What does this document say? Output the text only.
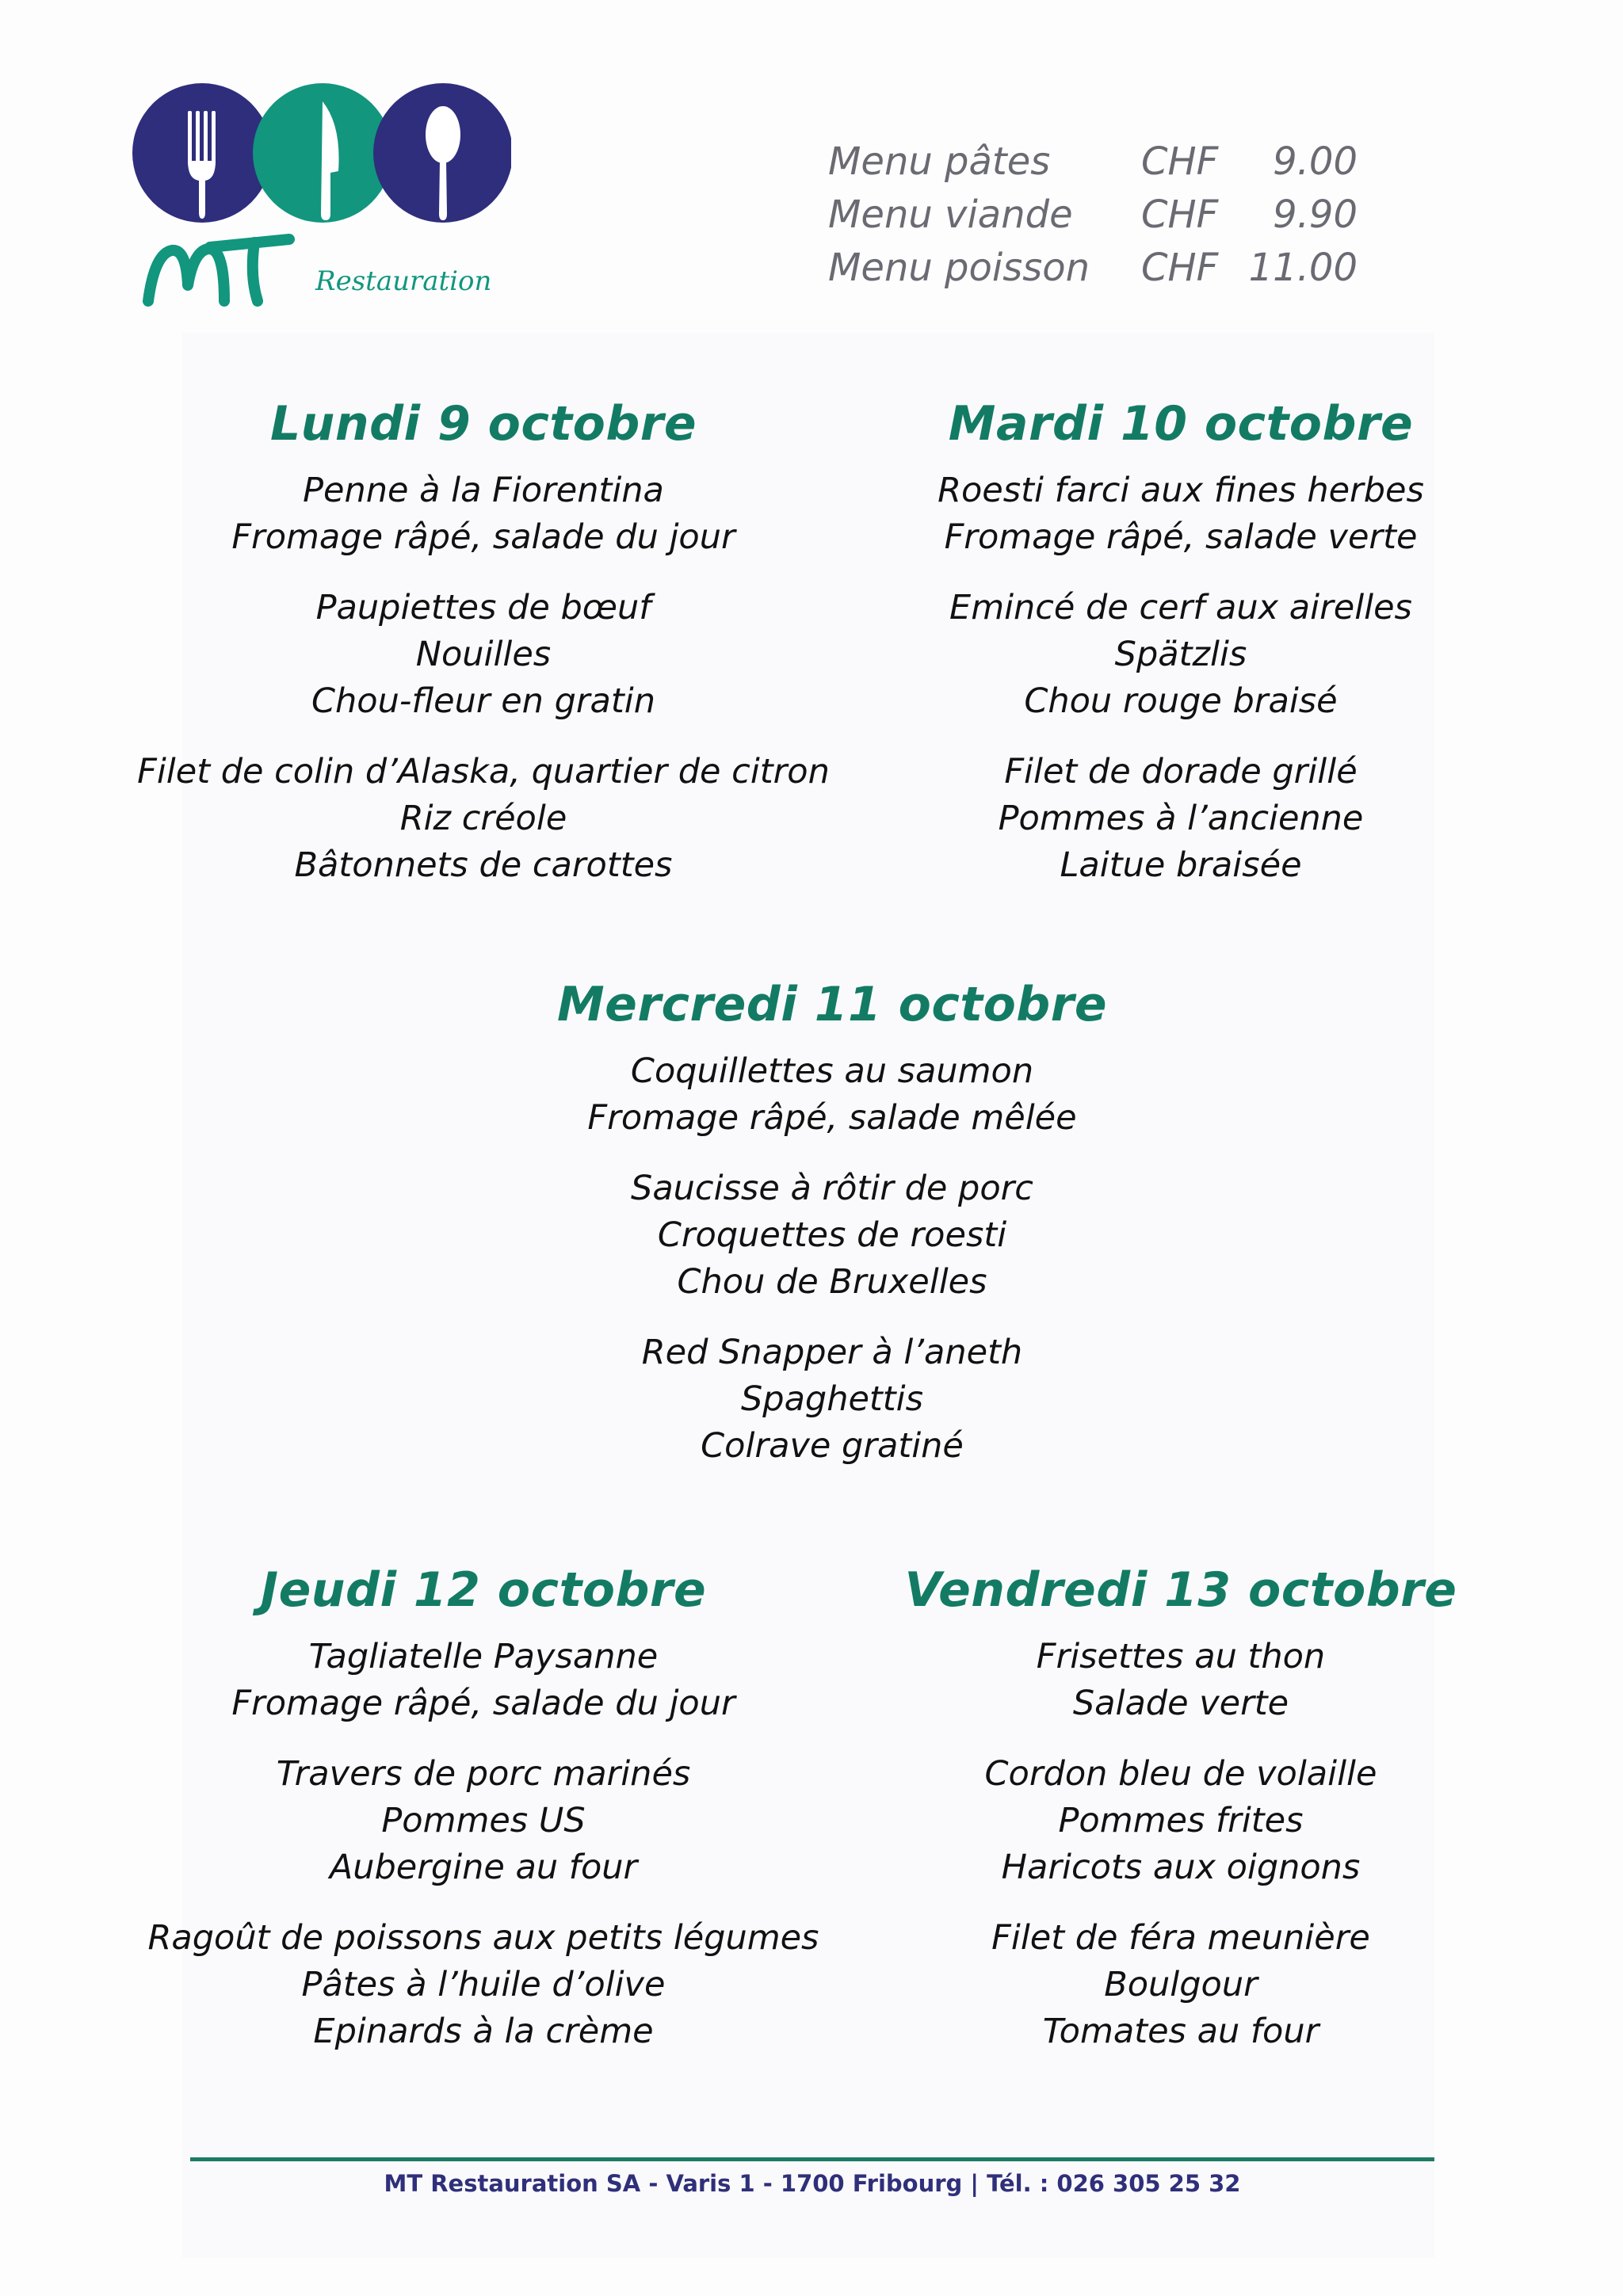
Restauration
Menu pâtes	CHF	9.00
Menu viande	CHF	9.90
Menu poisson	CHF 11.00
Lundi 9 octobre
Penne à la Fiorentina
Fromage râpé, salade du jour
Paupiettes de bœuf
Nouilles
Chou-fleur en gratin
Filet de colin d’Alaska, quartier de citron
Riz créole
Bâtonnets de carottes
Mardi 10 octobre
Roesti farci aux fines herbes
Fromage râpé, salade verte
Emincé de cerf aux airelles
Spätzlis
Chou rouge braisé
Filet de dorade grillé
Pommes à l’ancienne
Laitue braisée
Mercredi 11 octobre
Coquillettes au saumon
Fromage râpé, salade mêlée
Saucisse à rôtir de porc
Croquettes de roesti
Chou de Bruxelles
Red Snapper à l’aneth
Spaghettis
Colrave gratiné
Jeudi 12 octobre
Tagliatelle Paysanne
Fromage râpé, salade du jour
Travers de porc marinés
Pommes US
Aubergine au four
Ragoût de poissons aux petits légumes
Pâtes à l’huile d’olive
Epinards à la crème
Vendredi 13 octobre
Frisettes au thon
Salade verte
Cordon bleu de volaille
Pommes frites
Haricots aux oignons
Filet de féra meunière
Boulgour
Tomates au four
MT Restauration SA - Varis 1 - 1700 Fribourg | Tél. : 026 305 25 32
